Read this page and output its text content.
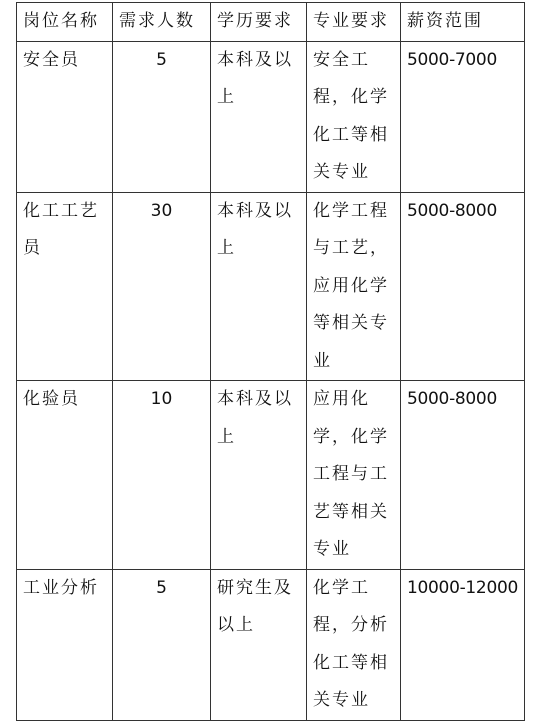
岗位名称	需求人数	学历要求	专业要求	薪资范围
安全员	5	本科及以上	安全工程，化学化工等相关专业	5000-7000
化工工艺员	30	本科及以上	化学工程与工艺，应用化学等相关专业	5000-8000
化验员	10	本科及以上	应用化学，化学工程与工艺等相关专业	5000-8000
工业分析	5	研究生及以上	化学工程，分析化工等相关专业	10000-12000
